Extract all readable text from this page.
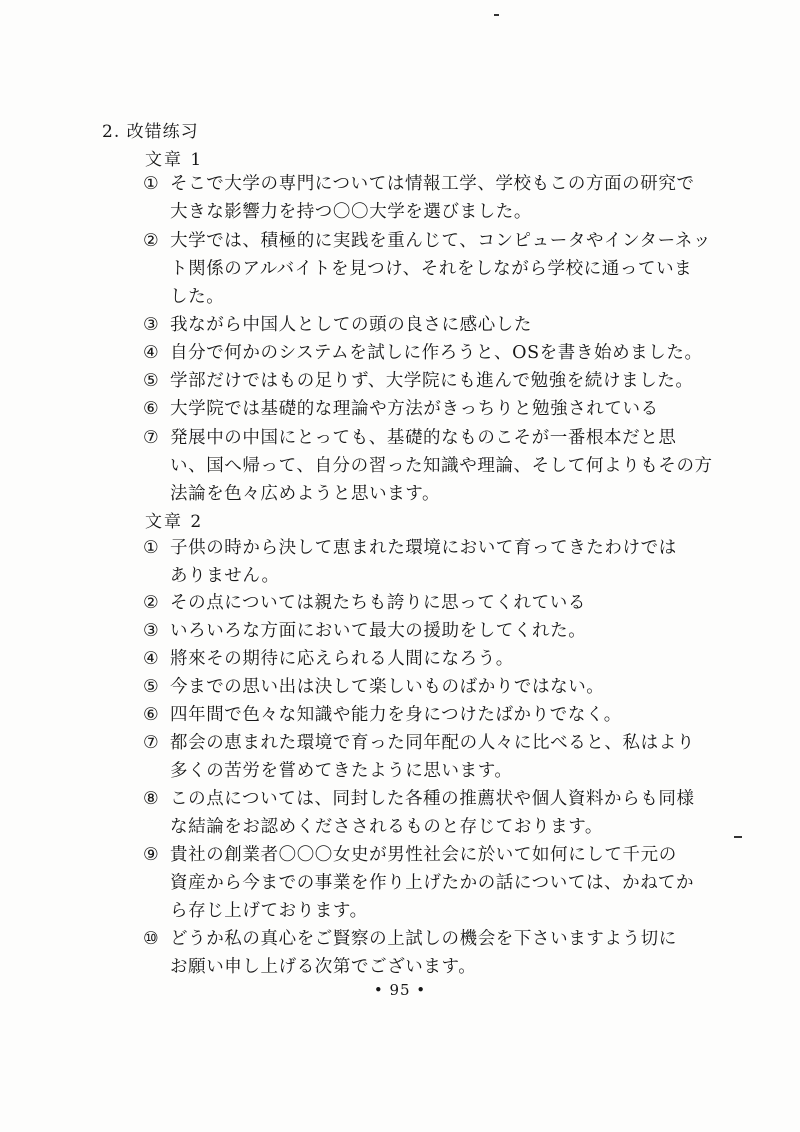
2. 改错练习
文章 1
① そこで大学の専門については情報工学、学校もこの方面の研究で
大きな影響力を持つ〇〇大学を選びました。
② 大学では、積極的に実践を重んじて、コンピュータやインターネッ
ト関係のアルバイトを見つけ、それをしながら学校に通っていま
した。
③ 我ながら中国人としての頭の良さに感心した
④ 自分で何かのシステムを試しに作ろうと、OSを書き始めました。
⑤ 学部だけではもの足りず、大学院にも進んで勉強を続けました。
⑥ 大学院では基礎的な理論や方法がきっちりと勉強されている
⑦ 発展中の中国にとっても、基礎的なものこそが一番根本だと思
い、国へ帰って、自分の習った知識や理論、そして何よりもその方
法論を色々広めようと思います。
文章 2
① 子供の時から決して恵まれた環境において育ってきたわけでは
ありません。
② その点については親たちも誇りに思ってくれている
③ いろいろな方面において最大の援助をしてくれた。
④ 將來その期待に応えられる人間になろう。
⑤ 今までの思い出は決して楽しいものばかりではない。
⑥ 四年間で色々な知識や能力を身につけたばかりでなく。
⑦ 都会の恵まれた環境で育った同年配の人々に比べると、私はより
多くの苦労を嘗めてきたように思います。
⑧ この点については、同封した各種の推薦状や個人資料からも同様
な結論をお認めくださされるものと存じております。
⑨ 貴社の創業者〇〇〇女史が男性社会に於いて如何にして千元の
資産から今までの事業を作り上げたかの話については、かねてか
ら存じ上げております。
⑩ どうか私の真心をご賢察の上試しの機会を下さいますよう切に
お願い申し上げる次第でございます。
• 95 •
